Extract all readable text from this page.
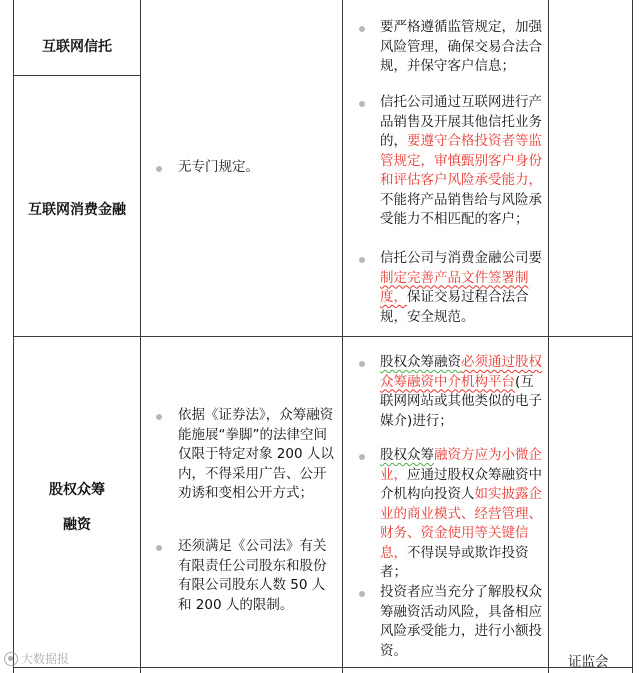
互联网信托
互联网消费金融
无专门规定。
要严格遵循监管规定，加强风险管理，确保交易合法合规，并保守客户信息；
信托公司通过互联网进行产品销售及开展其他信托业务的，要遵守合格投资者等监管规定，审慎甄别客户身份和评估客户风险承受能力，不能将产品销售给与风险承受能力不相匹配的客户；
信托公司与消费金融公司要制定完善产品文件签署制度，保证交易过程合法合规，安全规范。
股权众筹
融资
依据《证券法》，众筹融资能施展“拳脚”的法律空间仅限于特定对象 200 人以内，不得采用广告、公开劝诱和变相公开方式；
还须满足《公司法》有关有限责任公司股东和股份有限公司股东人数 50 人和 200 人的限制。
股权众筹融资必须通过股权众筹融资中介机构平台(互联网网站或其他类似的电子媒介)进行；
股权众筹融资方应为小微企业，应通过股权众筹融资中介机构向投资人如实披露企业的商业模式、经营管理、财务、资金使用等关键信息，不得误导或欺诈投资者；
投资者应当充分了解股权众筹融资活动风险，具备相应风险承受能力，进行小额投资。
证监会
大数据报
